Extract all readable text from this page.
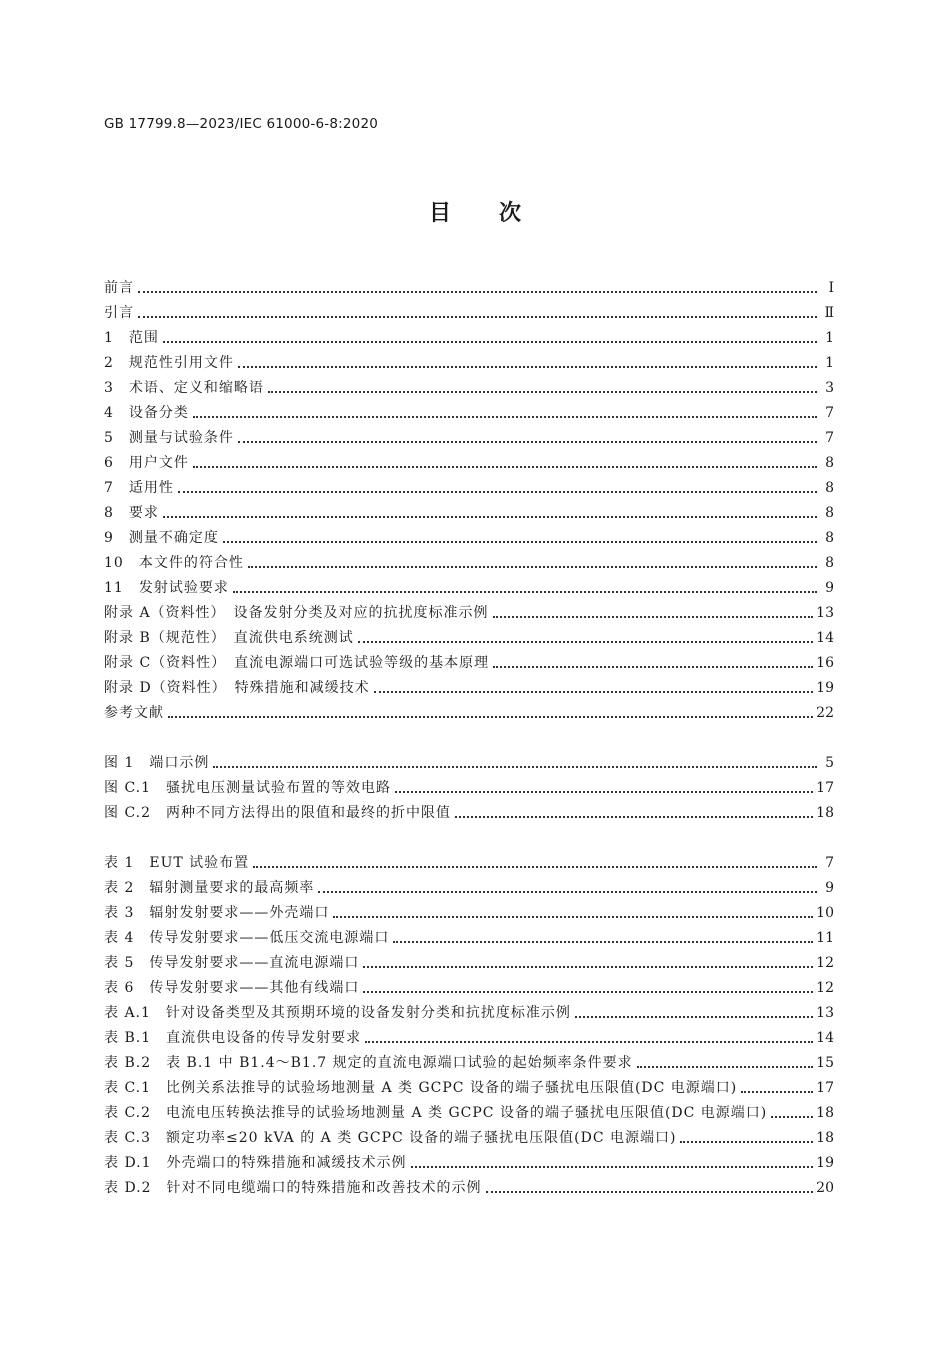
GB 17799.8—2023/IEC 61000-6-8:2020
目次
前言	Ⅰ
引言	Ⅱ
1　范围	1
2　规范性引用文件	1
3　术语、定义和缩略语	3
4　设备分类	7
5　测量与试验条件	7
6　用户文件	8
7　适用性	8
8　要求	8
9　测量不确定度	8
10　本文件的符合性	8
11　发射试验要求	9
附录 A（资料性）　设备发射分类及对应的抗扰度标准示例	13
附录 B（规范性）　直流供电系统测试	14
附录 C（资料性）　直流电源端口可选试验等级的基本原理	16
附录 D（资料性）　特殊措施和减缓技术	19
参考文献	22
图 1　端口示例	5
图 C.1　骚扰电压测量试验布置的等效电路	17
图 C.2　两种不同方法得出的限值和最终的折中限值	18
表 1　EUT 试验布置	7
表 2　辐射测量要求的最高频率	9
表 3　辐射发射要求——外壳端口	10
表 4　传导发射要求——低压交流电源端口	11
表 5　传导发射要求——直流电源端口	12
表 6　传导发射要求——其他有线端口	12
表 A.1　针对设备类型及其预期环境的设备发射分类和抗扰度标准示例	13
表 B.1　直流供电设备的传导发射要求	14
表 B.2　表 B.1 中 B1.4～B1.7 规定的直流电源端口试验的起始频率条件要求	15
表 C.1　比例关系法推导的试验场地测量 A 类 GCPC 设备的端子骚扰电压限值(DC 电源端口)	17
表 C.2　电流电压转换法推导的试验场地测量 A 类 GCPC 设备的端子骚扰电压限值(DC 电源端口)	18
表 C.3　额定功率≤20 kVA 的 A 类 GCPC 设备的端子骚扰电压限值(DC 电源端口)	18
表 D.1　外壳端口的特殊措施和减缓技术示例	19
表 D.2　针对不同电缆端口的特殊措施和改善技术的示例	20
